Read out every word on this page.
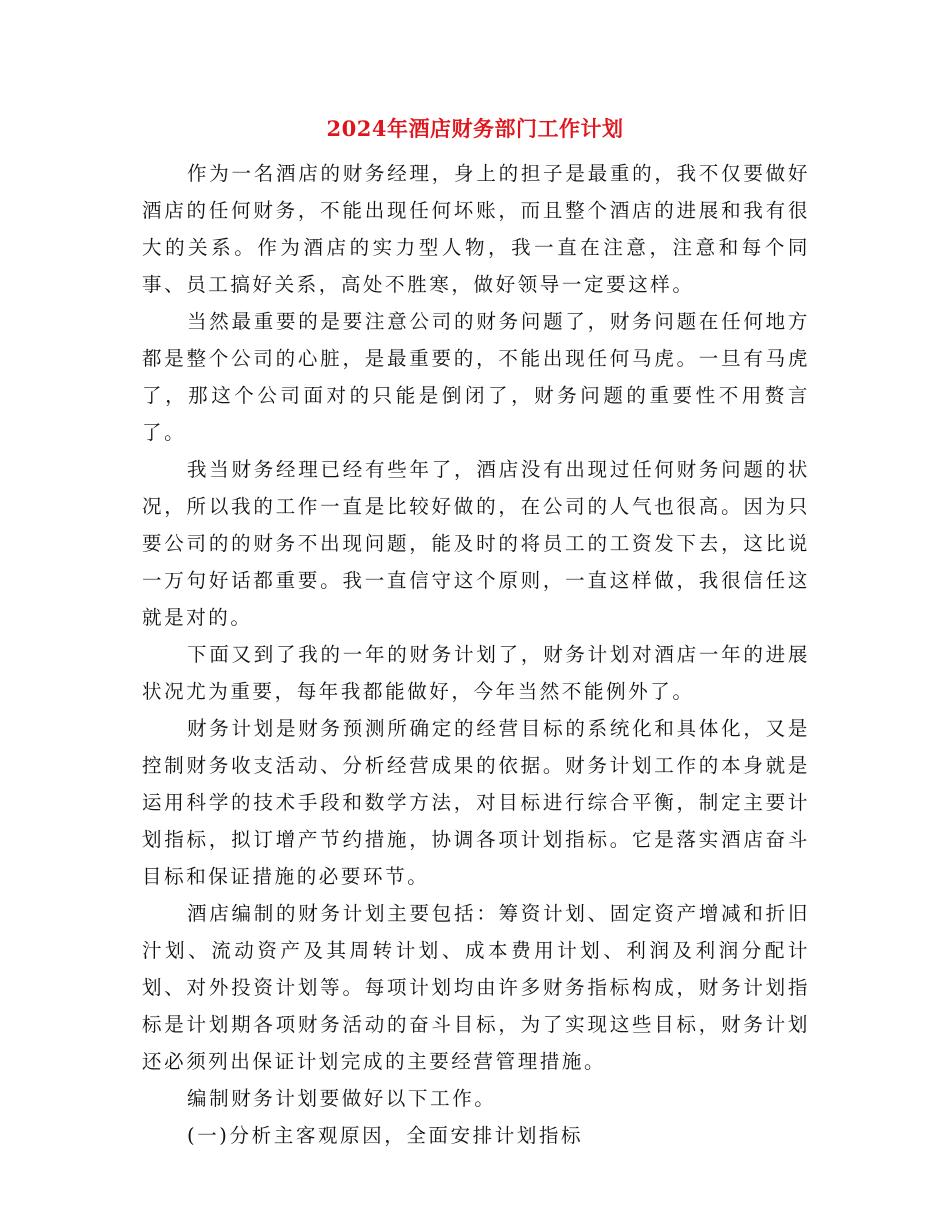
2024年酒店财务部门工作计划

作为一名酒店的财务经理，身上的担子是最重的，我不仅要做好酒店的任何财务，不能出现任何坏账，而且整个酒店的进展和我有很大的关系。作为酒店的实力型人物，我一直在注意，注意和每个同事、员工搞好关系，高处不胜寒，做好领导一定要这样。

当然最重要的是要注意公司的财务问题了，财务问题在任何地方都是整个公司的心脏，是最重要的，不能出现任何马虎。一旦有马虎了，那这个公司面对的只能是倒闭了，财务问题的重要性不用赘言了。

我当财务经理已经有些年了，酒店没有出现过任何财务问题的状况，所以我的工作一直是比较好做的，在公司的人气也很高。因为只要公司的的财务不出现问题，能及时的将员工的工资发下去，这比说一万句好话都重要。我一直信守这个原则，一直这样做，我很信任这就是对的。

下面又到了我的一年的财务计划了，财务计划对酒店一年的进展状况尤为重要，每年我都能做好，今年当然不能例外了。

财务计划是财务预测所确定的经营目标的系统化和具体化，又是控制财务收支活动、分析经营成果的依据。财务计划工作的本身就是运用科学的技术手段和数学方法，对目标进行综合平衡，制定主要计划指标，拟订增产节约措施，协调各项计划指标。它是落实酒店奋斗目标和保证措施的必要环节。

酒店编制的财务计划主要包括：筹资计划、固定资产增减和折旧汁划、流动资产及其周转计划、成本费用计划、利润及利润分配计划、对外投资计划等。每项计划均由许多财务指标构成，财务计划指标是计划期各项财务活动的奋斗目标，为了实现这些目标，财务计划还必须列出保证计划完成的主要经营管理措施。

编制财务计划要做好以下工作。

(一)分析主客观原因，全面安排计划指标
